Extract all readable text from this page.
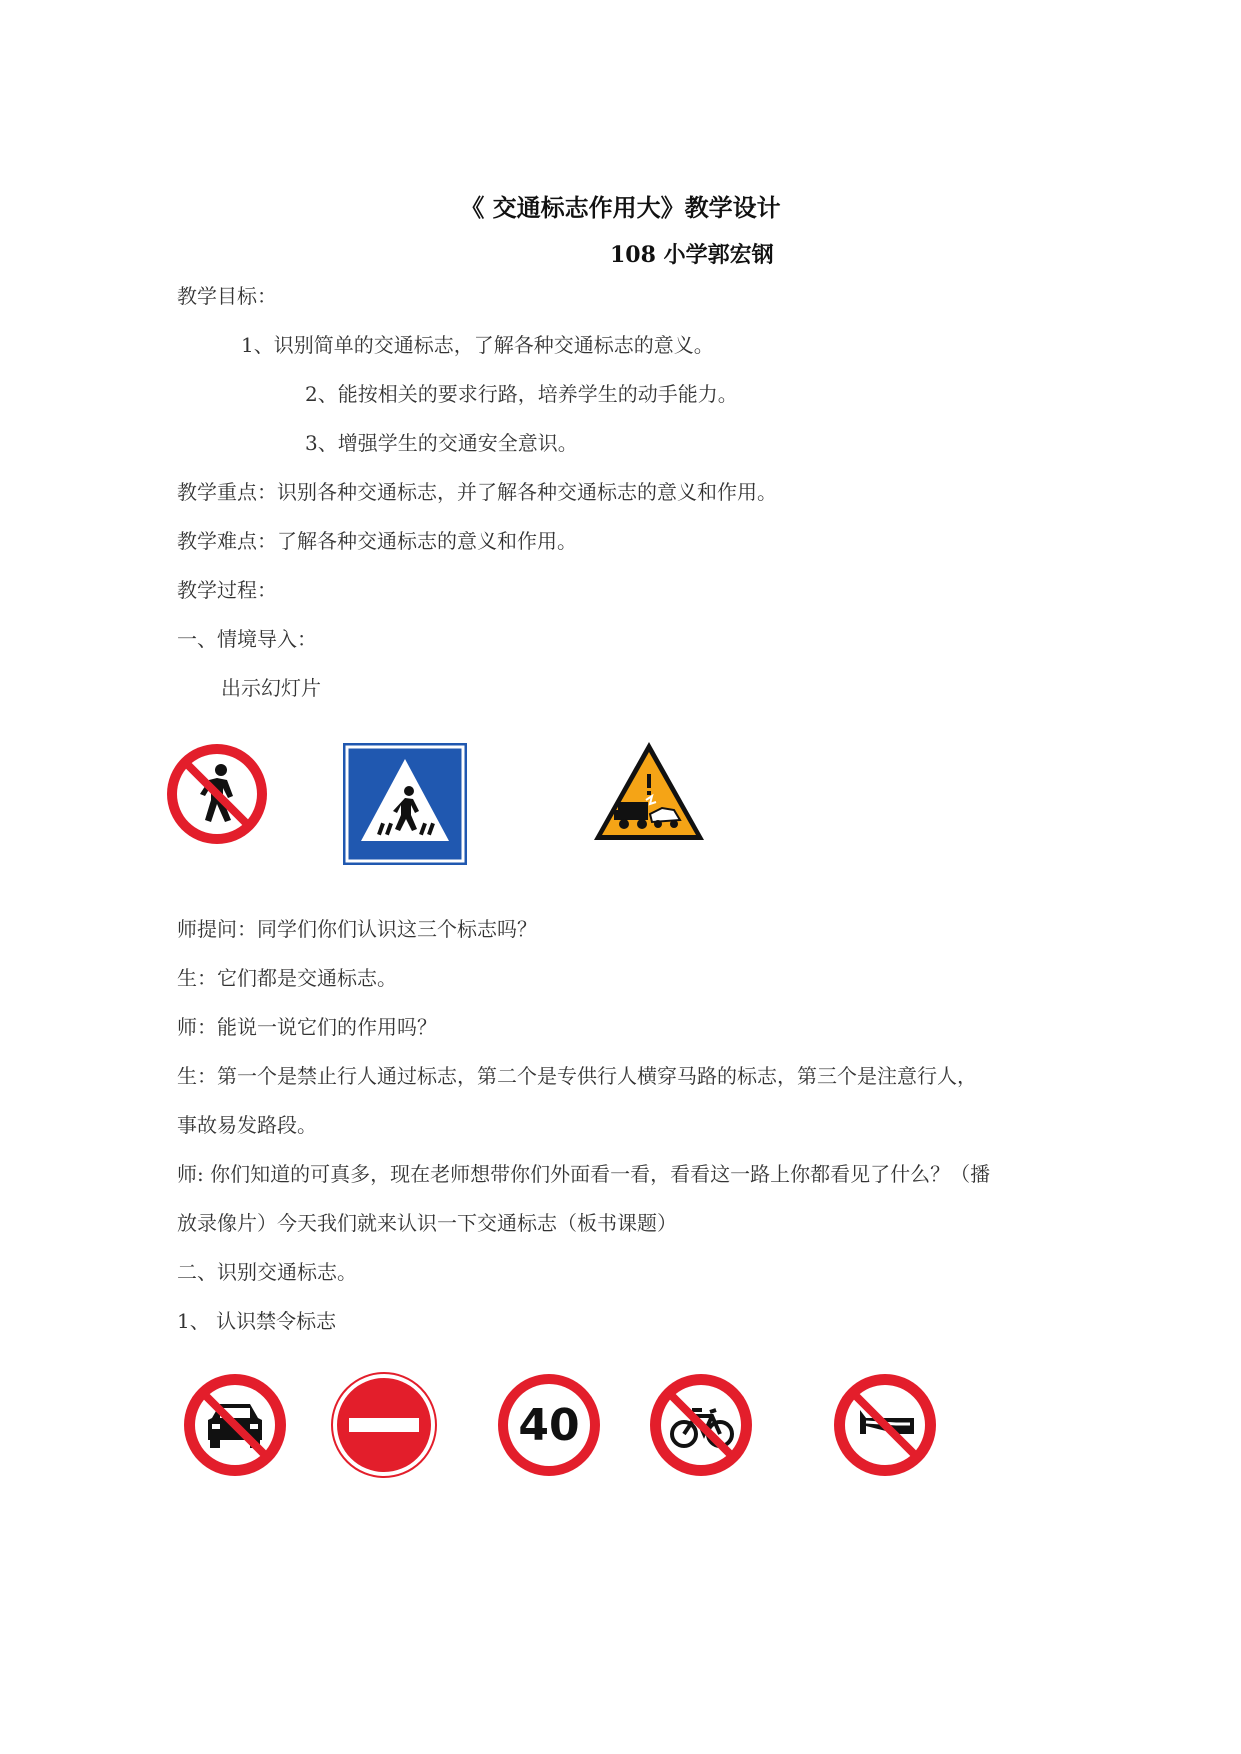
《 交通标志作用大》教学设计
108 小学郭宏钢
教学目标：
1、识别简单的交通标志，了解各种交通标志的意义。
2、能按相关的要求行路，培养学生的动手能力。
3、增强学生的交通安全意识。
教学重点：识别各种交通标志，并了解各种交通标志的意义和作用。
教学难点：了解各种交通标志的意义和作用。
教学过程：
一、情境导入：
出示幻灯片
师提问：同学们你们认识这三个标志吗？
生：它们都是交通标志。
师：能说一说它们的作用吗？
生：第一个是禁止行人通过标志，第二个是专供行人横穿马路的标志，第三个是注意行人，
事故易发路段。
师: 你们知道的可真多，现在老师想带你们外面看一看，看看这一路上你都看见了什么？（播
放录像片）今天我们就来认识一下交通标志（板书课题）
二、识别交通标志。
1、 认识禁令标志
40
